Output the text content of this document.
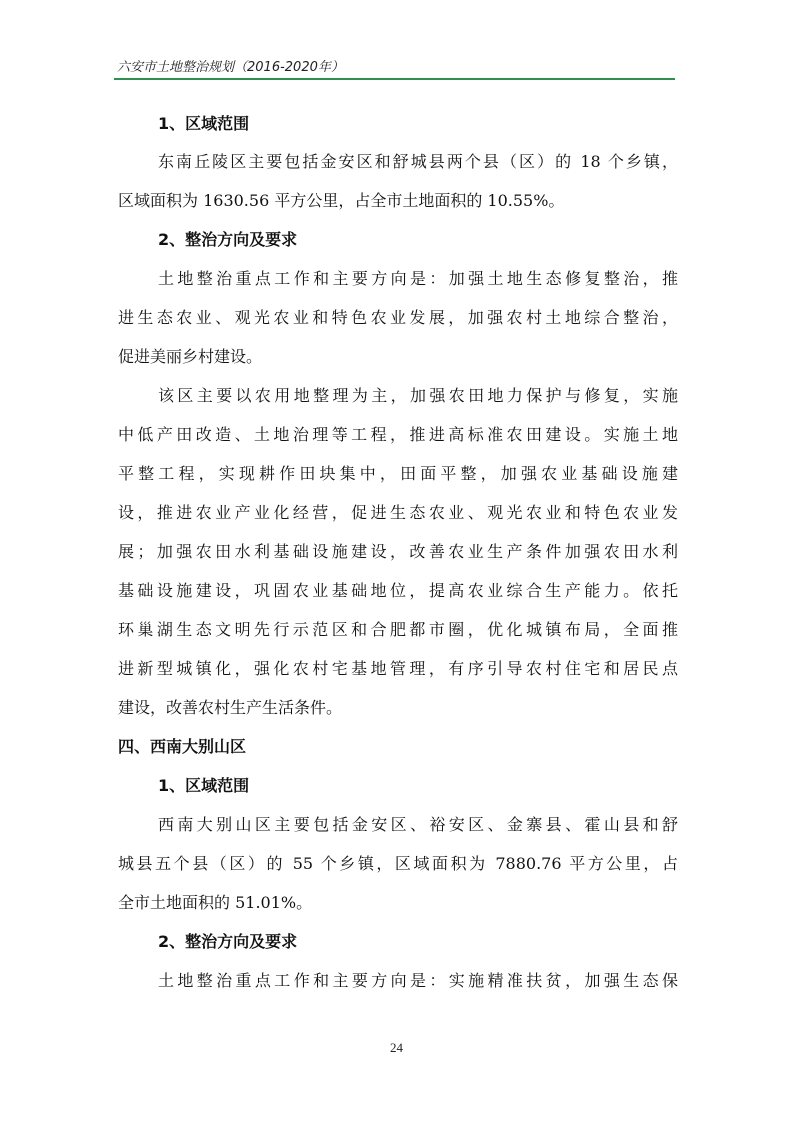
六安市土地整治规划（2016-2020年）
1、区域范围
东南丘陵区主要包括金安区和舒城县两个县（区）的 18 个乡镇，
区域面积为 1630.56 平方公里，占全市土地面积的 10.55%。
2、整治方向及要求
土地整治重点工作和主要方向是：加强土地生态修复整治，推
进生态农业、观光农业和特色农业发展，加强农村土地综合整治，
促进美丽乡村建设。
该区主要以农用地整理为主，加强农田地力保护与修复，实施
中低产田改造、土地治理等工程，推进高标准农田建设。实施土地
平整工程，实现耕作田块集中，田面平整，加强农业基础设施建
设，推进农业产业化经营，促进生态农业、观光农业和特色农业发
展；加强农田水利基础设施建设，改善农业生产条件加强农田水利
基础设施建设，巩固农业基础地位，提高农业综合生产能力。依托
环巢湖生态文明先行示范区和合肥都市圈，优化城镇布局，全面推
进新型城镇化，强化农村宅基地管理，有序引导农村住宅和居民点
建设，改善农村生产生活条件。
四、西南大别山区
1、区域范围
西南大别山区主要包括金安区、裕安区、金寨县、霍山县和舒
城县五个县（区）的 55 个乡镇，区域面积为 7880.76 平方公里，占
全市土地面积的 51.01%。
2、整治方向及要求
土地整治重点工作和主要方向是：实施精准扶贫，加强生态保
24
